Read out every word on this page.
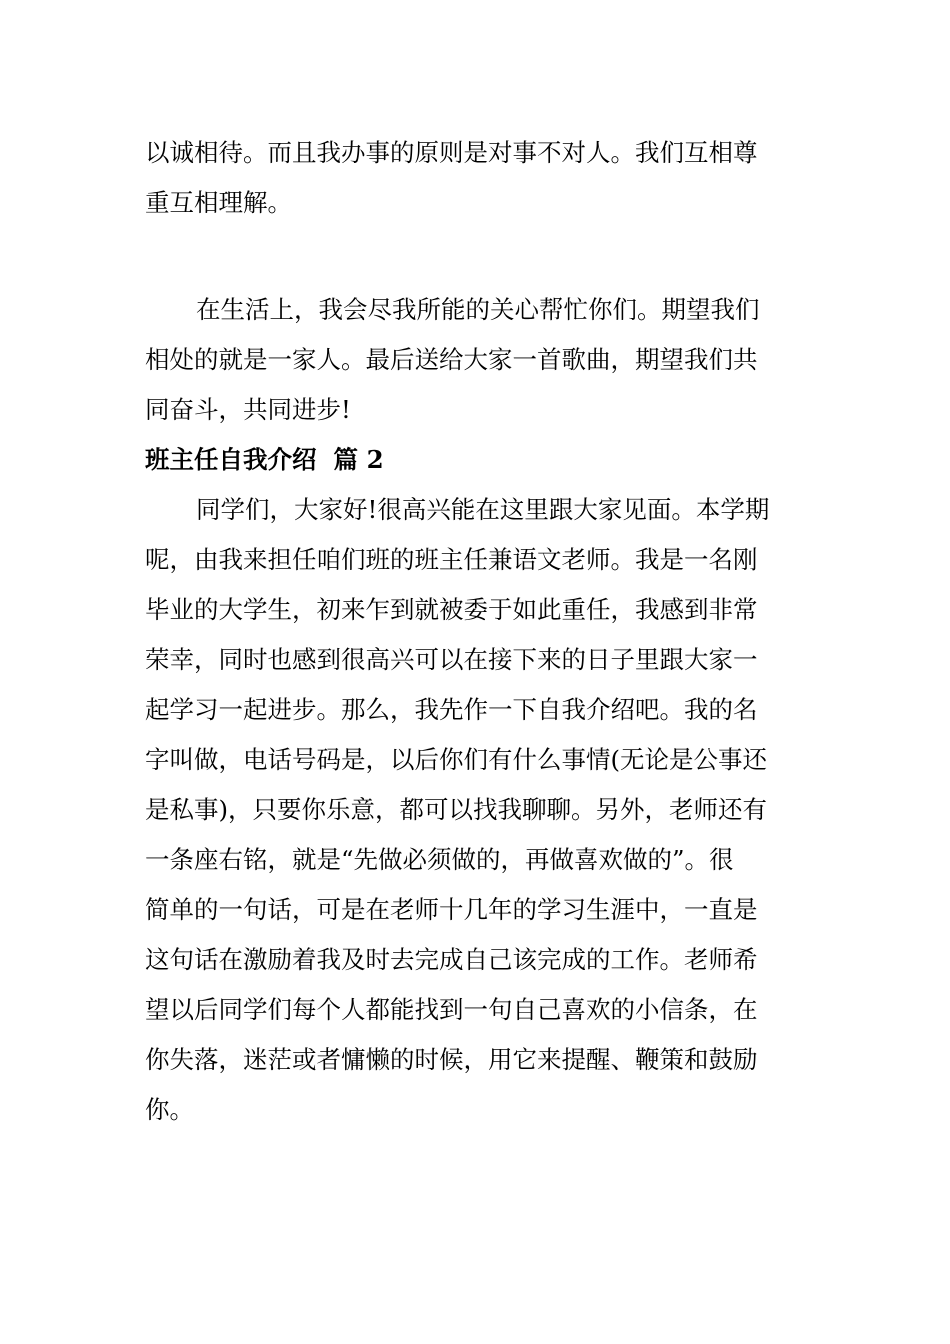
以诚相待。而且我办事的原则是对事不对人。我们互相尊
重互相理解。

在生活上，我会尽我所能的关心帮忙你们。期望我们
相处的就是一家人。最后送给大家一首歌曲，期望我们共
同奋斗，共同进步!

班主任自我介绍  篇 2

同学们，大家好!很高兴能在这里跟大家见面。本学期
呢，由我来担任咱们班的班主任兼语文老师。我是一名刚
毕业的大学生，初来乍到就被委于如此重任，我感到非常
荣幸，同时也感到很高兴可以在接下来的日子里跟大家一
起学习一起进步。那么，我先作一下自我介绍吧。我的名
字叫做，电话号码是，以后你们有什么事情(无论是公事还
是私事)，只要你乐意，都可以找我聊聊。另外，老师还有
一条座右铭，就是“先做必须做的，再做喜欢做的”。很
简单的一句话，可是在老师十几年的学习生涯中，一直是
这句话在激励着我及时去完成自己该完成的工作。老师希
望以后同学们每个人都能找到一句自己喜欢的小信条，在
你失落，迷茫或者慵懒的时候，用它来提醒、鞭策和鼓励
你。
